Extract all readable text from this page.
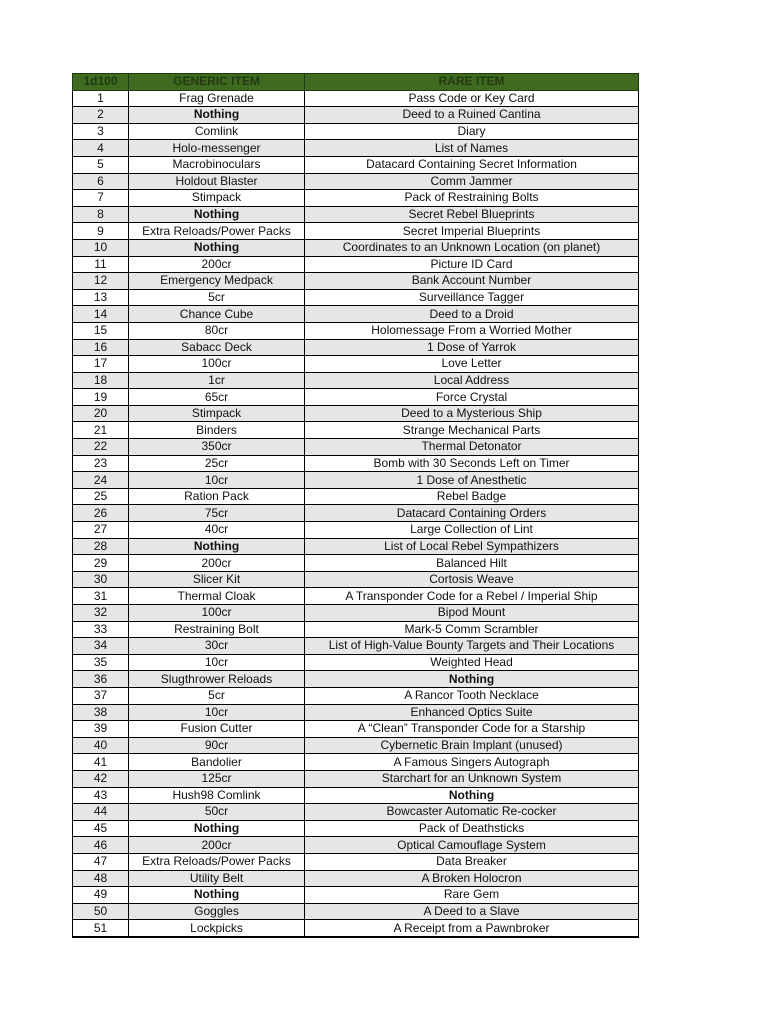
1d100	GENERIC ITEM	RARE ITEM
1	Frag Grenade	Pass Code or Key Card
2	Nothing	Deed to a Ruined Cantina
3	Comlink	Diary
4	Holo-messenger	List of Names
5	Macrobinoculars	Datacard Containing Secret Information
6	Holdout Blaster	Comm Jammer
7	Stimpack	Pack of Restraining Bolts
8	Nothing	Secret Rebel Blueprints
9	Extra Reloads/Power Packs	Secret Imperial Blueprints
10	Nothing	Coordinates to an Unknown Location (on planet)
11	200cr	Picture ID Card
12	Emergency Medpack	Bank Account Number
13	5cr	Surveillance Tagger
14	Chance Cube	Deed to a Droid
15	80cr	Holomessage From a Worried Mother
16	Sabacc Deck	1 Dose of Yarrok
17	100cr	Love Letter
18	1cr	Local Address
19	65cr	Force Crystal
20	Stimpack	Deed to a Mysterious Ship
21	Binders	Strange Mechanical Parts
22	350cr	Thermal Detonator
23	25cr	Bomb with 30 Seconds Left on Timer
24	10cr	1 Dose of Anesthetic
25	Ration Pack	Rebel Badge
26	75cr	Datacard Containing Orders
27	40cr	Large Collection of Lint
28	Nothing	List of Local Rebel Sympathizers
29	200cr	Balanced Hilt
30	Slicer Kit	Cortosis Weave
31	Thermal Cloak	A Transponder Code for a Rebel / Imperial Ship
32	100cr	Bipod Mount
33	Restraining Bolt	Mark-5 Comm Scrambler
34	30cr	List of High-Value Bounty Targets and Their Locations
35	10cr	Weighted Head
36	Slugthrower Reloads	Nothing
37	5cr	A Rancor Tooth Necklace
38	10cr	Enhanced Optics Suite
39	Fusion Cutter	A “Clean” Transponder Code for a Starship
40	90cr	Cybernetic Brain Implant (unused)
41	Bandolier	A Famous Singers Autograph
42	125cr	Starchart for an Unknown System
43	Hush98 Comlink	Nothing
44	50cr	Bowcaster Automatic Re-cocker
45	Nothing	Pack of Deathsticks
46	200cr	Optical Camouflage System
47	Extra Reloads/Power Packs	Data Breaker
48	Utility Belt	A Broken Holocron
49	Nothing	Rare Gem
50	Goggles	A Deed to a Slave
51	Lockpicks	A Receipt from a Pawnbroker
